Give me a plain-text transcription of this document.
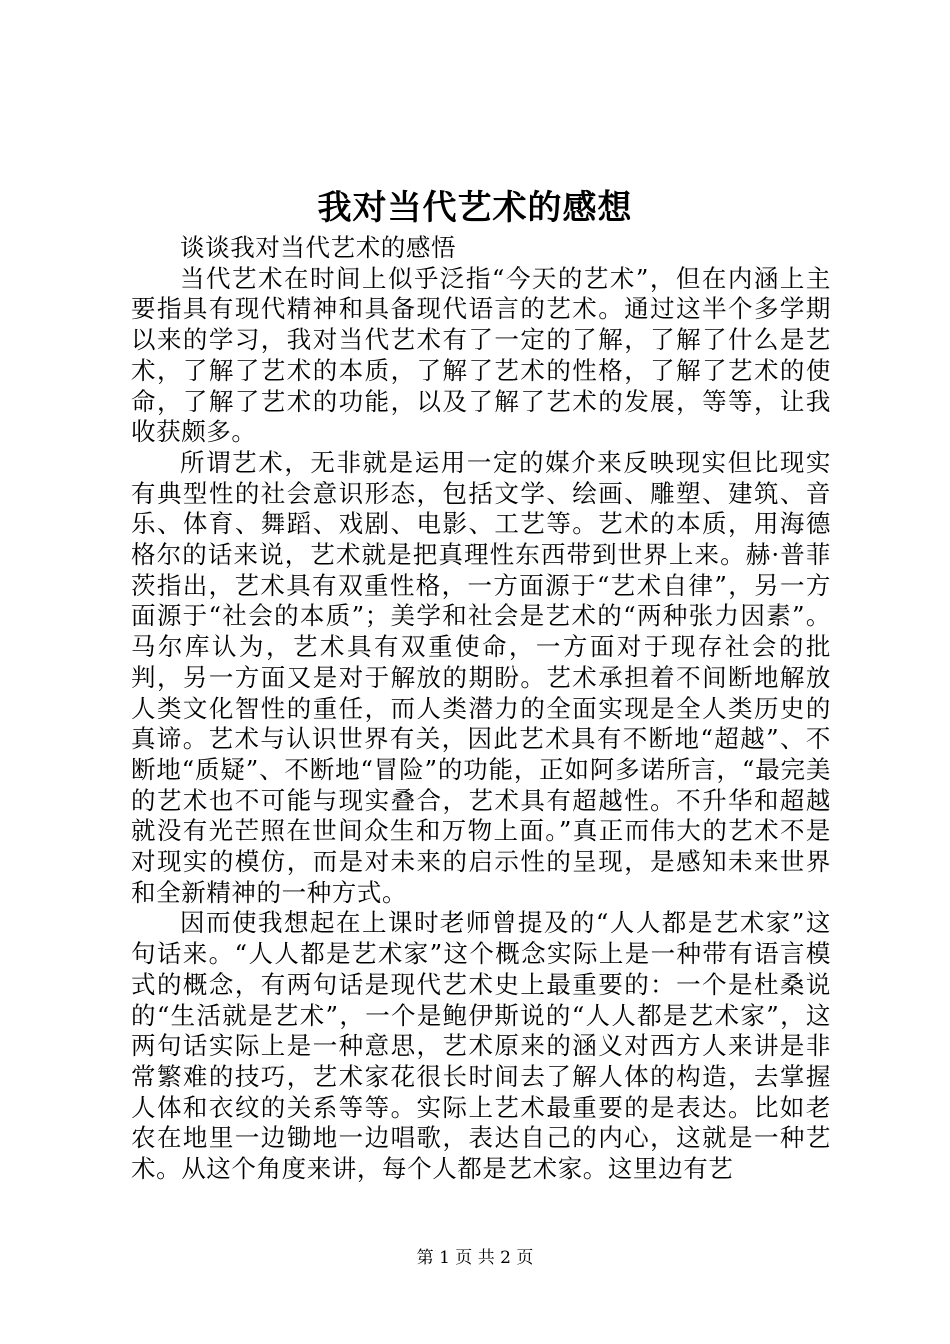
我对当代艺术的感想

谈谈我对当代艺术的感悟

当代艺术在时间上似乎泛指“今天的艺术”，但在内涵上主要指具有现代精神和具备现代语言的艺术。通过这半个多学期以来的学习，我对当代艺术有了一定的了解，了解了什么是艺术，了解了艺术的本质，了解了艺术的性格，了解了艺术的使命，了解了艺术的功能，以及了解了艺术的发展，等等，让我收获颇多。

所谓艺术，无非就是运用一定的媒介来反映现实但比现实有典型性的社会意识形态，包括文学、绘画、雕塑、建筑、音乐、体育、舞蹈、戏剧、电影、工艺等。艺术的本质，用海德格尔的话来说，艺术就是把真理性东西带到世界上来。赫·普菲茨指出，艺术具有双重性格，一方面源于“艺术自律”，另一方面源于“社会的本质”；美学和社会是艺术的“两种张力因素”。马尔库认为，艺术具有双重使命，一方面对于现存社会的批判，另一方面又是对于解放的期盼。艺术承担着不间断地解放人类文化智性的重任，而人类潜力的全面实现是全人类历史的真谛。艺术与认识世界有关，因此艺术具有不断地“超越”、不断地“质疑”、不断地“冒险”的功能，正如阿多诺所言，“最完美的艺术也不可能与现实叠合，艺术具有超越性。不升华和超越就没有光芒照在世间众生和万物上面。”真正而伟大的艺术不是对现实的模仿，而是对未来的启示性的呈现，是感知未来世界和全新精神的一种方式。

因而使我想起在上课时老师曾提及的“人人都是艺术家”这句话来。“人人都是艺术家”这个概念实际上是一种带有语言模式的概念，有两句话是现代艺术史上最重要的：一个是杜桑说的“生活就是艺术”，一个是鲍伊斯说的“人人都是艺术家”，这两句话实际上是一种意思，艺术原来的涵义对西方人来讲是非常繁难的技巧，艺术家花很长时间去了解人体的构造，去掌握人体和衣纹的关系等等。实际上艺术最重要的是表达。比如老农在地里一边锄地一边唱歌，表达自己的内心，这就是一种艺术。从这个角度来讲，每个人都是艺术家。这里边有艺

第 1 页 共 2 页
